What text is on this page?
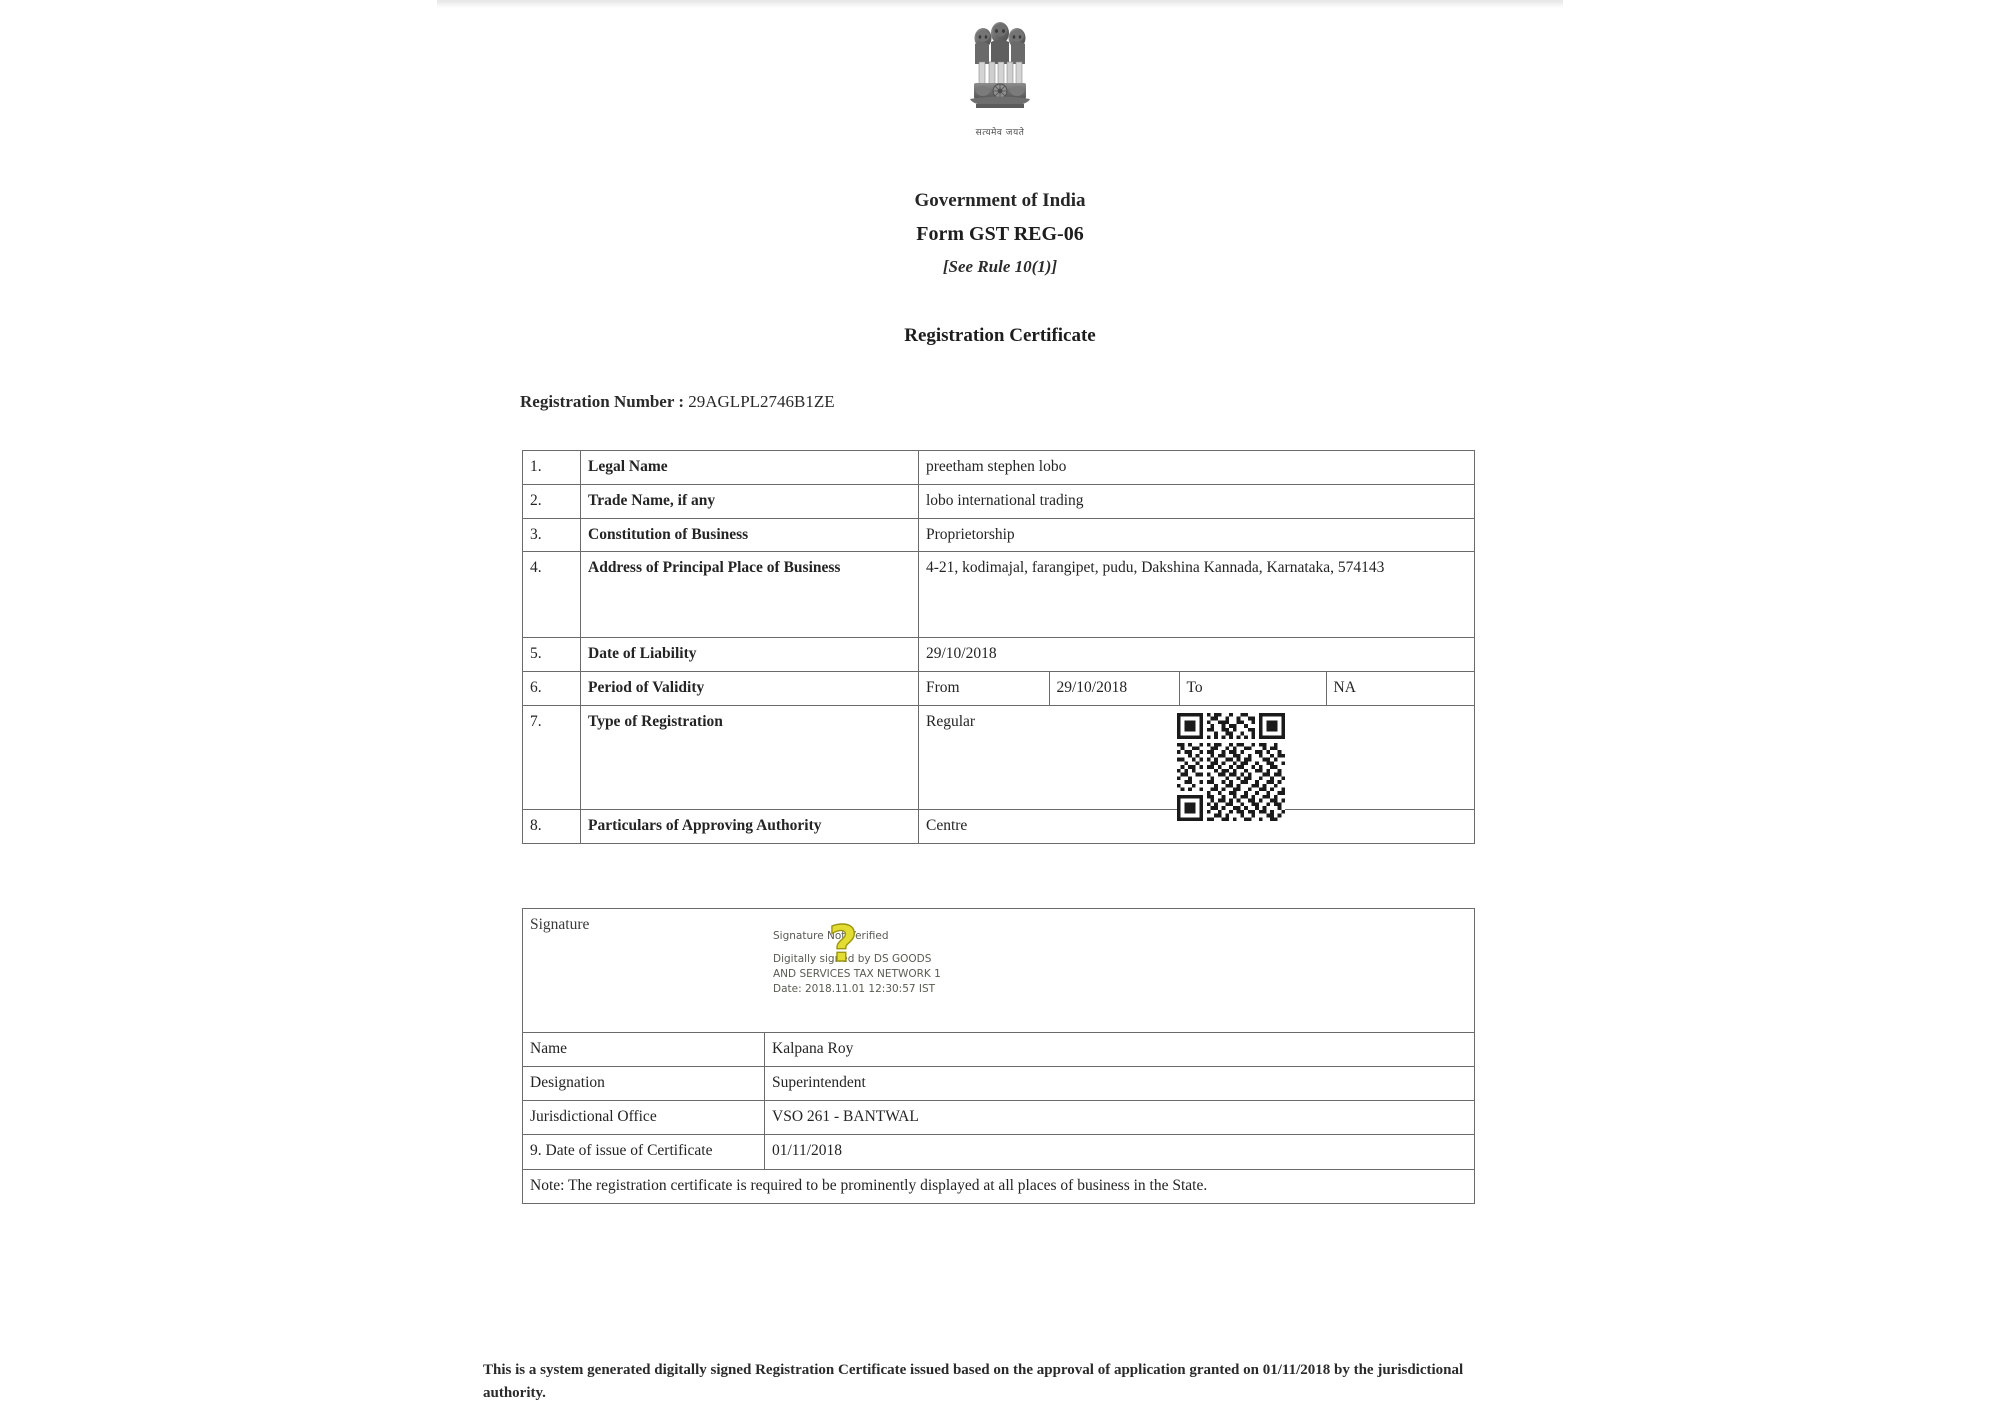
सत्यमेव जयते
Government of India
Form GST REG-06
[See Rule 10(1)]
Registration Certificate
Registration Number : 29AGLPL2746B1ZE
1.	Legal Name	preetham stephen lobo
2.	Trade Name, if any	lobo international trading
3.	Constitution of Business	Proprietorship
4.	Address of Principal Place of Business	4-21, kodimajal, farangipet, pudu, Dakshina Kannada, Karnataka, 574143
5.	Date of Liability	29/10/2018
6.	Period of Validity		From	29/10/2018	To	NA

7.	Type of Registration	Regular

8.	Particulars of Approving Authority	Centre
Signature
Signature Not Verified
Digitally signed by DS GOODS
AND SERVICES TAX NETWORK 1
Date: 2018.11.01 12:30:57 IST
?

Name	Kalpana Roy
Designation	Superintendent
Jurisdictional Office	VSO 261 - BANTWAL
9. Date of issue of Certificate	01/11/2018
Note: The registration certificate is required to be prominently displayed at all places of business in the State.	
This is a system generated digitally signed Registration Certificate issued based on the approval of application granted on 01/11/2018 by the jurisdictional authority.
